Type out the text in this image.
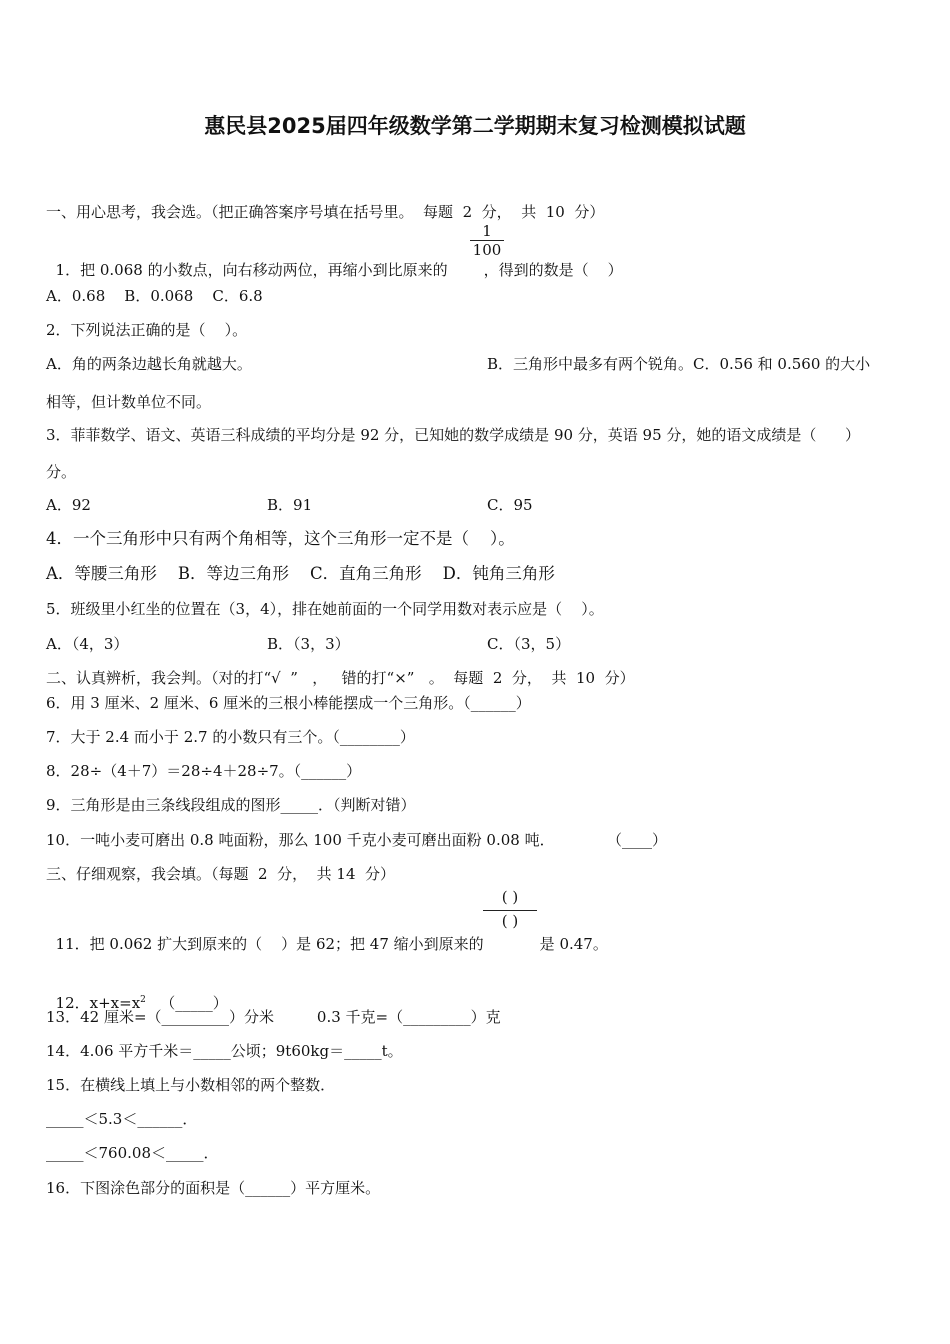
惠民县2025届四年级数学第二学期期末复习检测模拟试题
一、用心思考，我会选。（把正确答案序号填在括号里。  每题  2  分，  共  10  分）

1．把 0.068 的小数点，向右移动两位，再缩小到比原来的 ，得到的数是（    ）

1
100
A．0.68    B．0.068    C．6.8
2．下列说法正确的是（    ）。
A．角的两条边越长角就越大。	B．三角形中最多有两个锐角。C．0.56 和 0.560 的大小
相等，但计数单位不同。
3．菲菲数学、语文、英语三科成绩的平均分是 92 分，已知她的数学成绩是 90 分，英语 95 分，她的语文成绩是（      ）
分。
A．92	B．91	C．95
4．一个三角形中只有两个角相等，这个三角形一定不是（    ）。
A．等腰三角形    B．等边三角形    C．直角三角形    D．钝角三角形
5．班级里小红坐的位置在（3，4），排在她前面的一个同学用数对表示应是（    ）。
A．（4，3）	B．（3，3）	C．（3，5）
二、认真辨析，我会判。（对的打“√  ”   ，   错的打“×”   。  每题  2  分，  共  10  分）
6．用 3 厘米、2 厘米、6 厘米的三根小棒能摆成一个三角形。（______）
7．大于 2.4 而小于 2.7 的小数只有三个。（________）
8．28÷（4＋7）＝28÷4＋28÷7。（______）
9．三角形是由三条线段组成的图形_____．（判断对错）
10．一吨小麦可磨出 0.8 吨面粉，那么 100 千克小麦可磨出面粉 0.08 吨．           （____）
三、仔细观察，我会填。（每题  2  分，  共 14  分）

11．把 0.062 扩大到原来的（    ）是 62；把 47 缩小到原来的	是 0.47。

( )
( )

12．$x+x=x^2$   （_____）

13．42 厘米=（_________）分米         0.3 千克=（_________）克
14．4.06 平方千米＝_____公顷；9t60kg＝_____t。
15．在横线上填上与小数相邻的两个整数．
_____＜5.3＜______．
_____＜760.08＜_____．
16．下图涂色部分的面积是（______）平方厘米。
